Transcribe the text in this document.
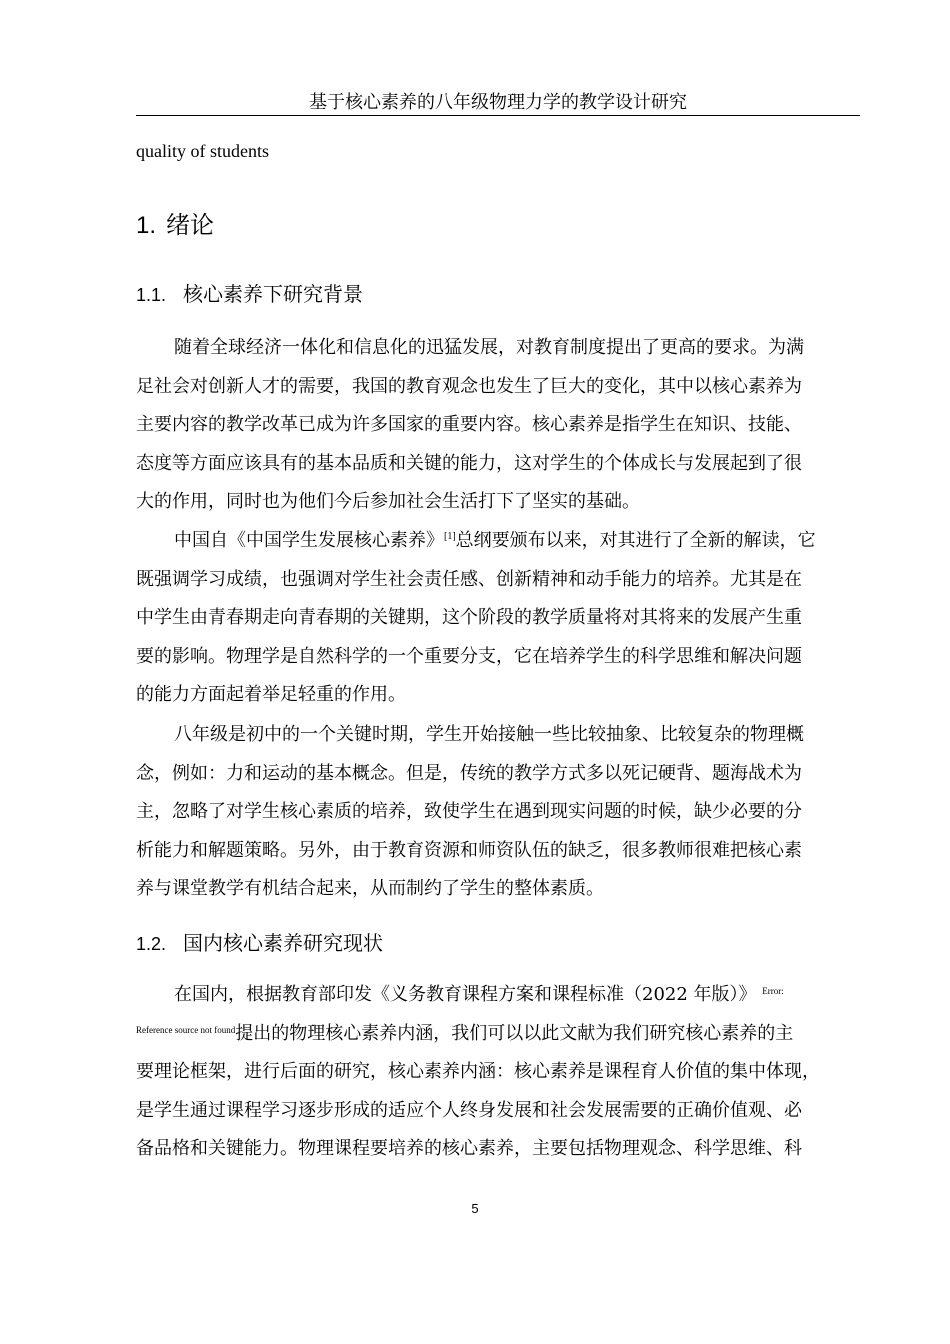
基于核心素养的八年级物理力学的教学设计研究
quality of students
1. 绪论
1.1. 核心素养下研究背景
随着全球经济一体化和信息化的迅猛发展，对教育制度提出了更高的要求。为满
足社会对创新人才的需要，我国的教育观念也发生了巨大的变化，其中以核心素养为
主要内容的教学改革已成为许多国家的重要内容。核心素养是指学生在知识、技能、
态度等方面应该具有的基本品质和关键的能力，这对学生的个体成长与发展起到了很
大的作用，同时也为他们今后参加社会生活打下了坚实的基础。
中国自《中国学生发展核心素养》[1]总纲要颁布以来，对其进行了全新的解读，它
既强调学习成绩，也强调对学生社会责任感、创新精神和动手能力的培养。尤其是在
中学生由青春期走向青春期的关键期，这个阶段的教学质量将对其将来的发展产生重
要的影响。物理学是自然科学的一个重要分支，它在培养学生的科学思维和解决问题
的能力方面起着举足轻重的作用。
八年级是初中的一个关键时期，学生开始接触一些比较抽象、比较复杂的物理概
念，例如：力和运动的基本概念。但是，传统的教学方式多以死记硬背、题海战术为
主，忽略了对学生核心素质的培养，致使学生在遇到现实问题的时候，缺少必要的分
析能力和解题策略。另外，由于教育资源和师资队伍的缺乏，很多教师很难把核心素
养与课堂教学有机结合起来，从而制约了学生的整体素质。
1.2. 国内核心素养研究现状
在国内，根据教育部印发《义务教育课程方案和课程标准（2022 年版）》 $^{Error:}$
$^{Reference source not found}$提出的物理核心素养内涵，我们可以以此文献为我们研究核心素养的主
要理论框架，进行后面的研究，核心素养内涵：核心素养是课程育人价值的集中体现，
是学生通过课程学习逐步形成的适应个人终身发展和社会发展需要的正确价值观、必
备品格和关键能力。物理课程要培养的核心素养，主要包括物理观念、科学思维、科
5
